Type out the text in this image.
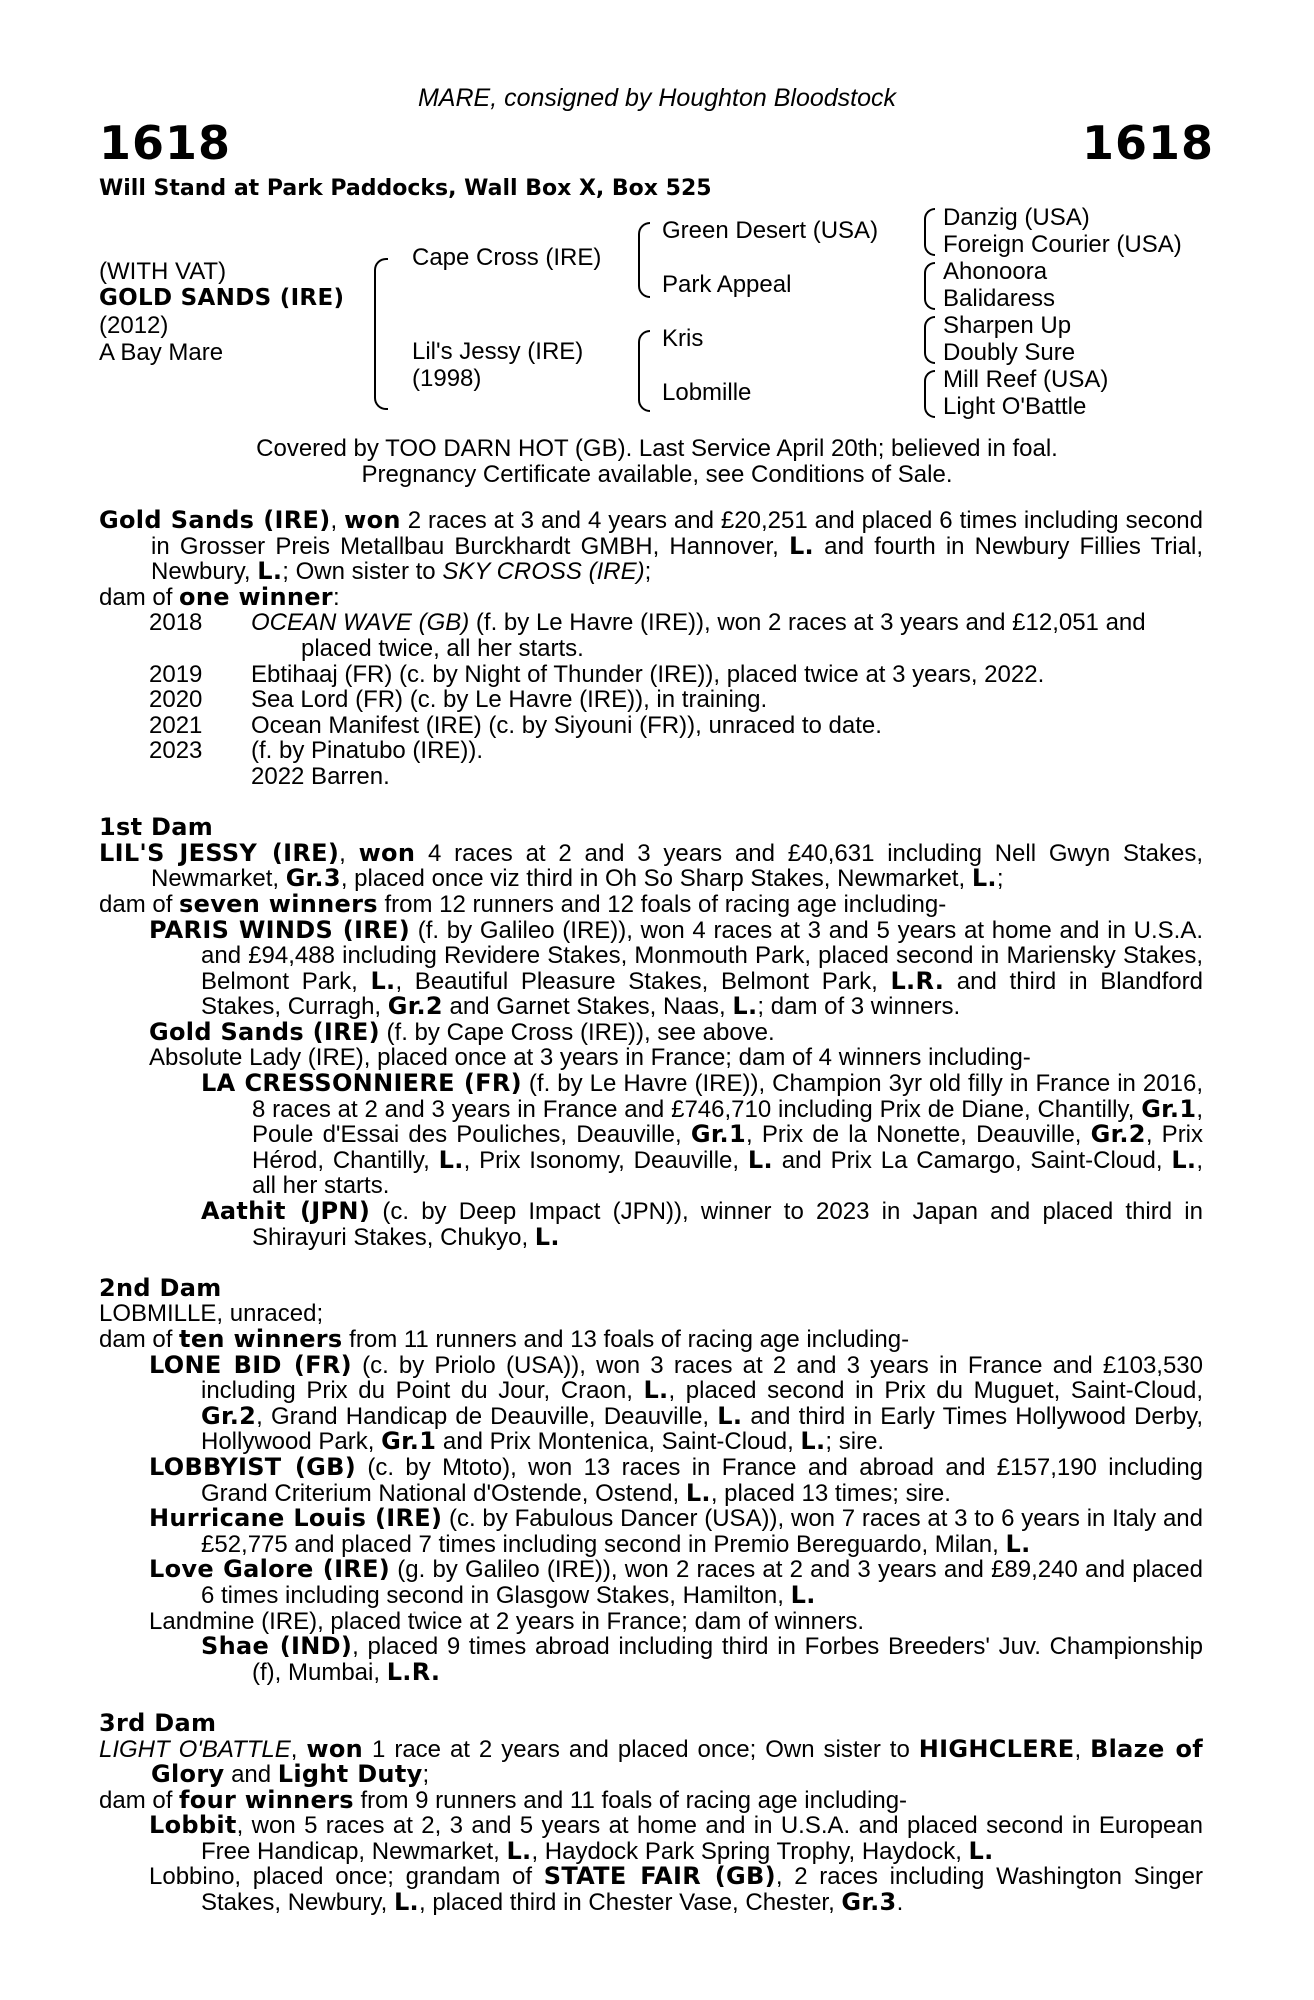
MARE, consigned by Houghton Bloodstock
1618	1618
Will Stand at Park Paddocks, Wall Box X, Box 525
(WITH VAT)
GOLD SANDS (IRE)
(2012)
A Bay Mare
Cape Cross (IRE)
Lil's Jessy (IRE)
(1998)
Green Desert (USA)
Park Appeal
Kris
Lobmille
Danzig (USA)
Foreign Courier (USA)
Ahonoora
Balidaress
Sharpen Up
Doubly Sure
Mill Reef (USA)
Light O'Battle
Covered by TOO DARN HOT (GB). Last Service April 20th; believed in foal.
Pregnancy Certificate available, see Conditions of Sale.

Gold Sands (IRE), won 2 races at 3 and 4 years and £20,251 and placed 6 times including second in Grosser Preis Metallbau Burckhardt GMBH, Hannover, L. and fourth in Newbury Fillies Trial, Newbury, L.; Own sister to SKY CROSS (IRE);

dam of one winner:

2018	OCEAN WAVE (GB) (f. by Le Havre (IRE)), won 2 races at 3 years and £12,051 and
placed twice, all her starts.
2019	Ebtihaaj (FR) (c. by Night of Thunder (IRE)), placed twice at 3 years, 2022.
2020	Sea Lord (FR) (c. by Le Havre (IRE)), in training.
2021	Ocean Manifest (IRE) (c. by Siyouni (FR)), unraced to date.
2023	(f. by Pinatubo (IRE)).
2022 Barren.

1st Dam

LIL'S JESSY (IRE), won 4 races at 2 and 3 years and £40,631 including Nell Gwyn Stakes, Newmarket, Gr.3, placed once viz third in Oh So Sharp Stakes, Newmarket, L.;

dam of seven winners from 12 runners and 12 foals of racing age including-

PARIS WINDS (IRE) (f. by Galileo (IRE)), won 4 races at 3 and 5 years at home and in U.S.A. and £94,488 including Revidere Stakes, Monmouth Park, placed second in Mariensky Stakes, Belmont Park, L., Beautiful Pleasure Stakes, Belmont Park, L.R. and third in Blandford Stakes, Curragh, Gr.2 and Garnet Stakes, Naas, L.; dam of 3 winners.

Gold Sands (IRE) (f. by Cape Cross (IRE)), see above.

Absolute Lady (IRE), placed once at 3 years in France; dam of 4 winners including-

LA CRESSONNIERE (FR) (f. by Le Havre (IRE)), Champion 3yr old filly in France in 2016, 8 races at 2 and 3 years in France and £746,710 including Prix de Diane, Chantilly, Gr.1, Poule d'Essai des Pouliches, Deauville, Gr.1, Prix de la Nonette, Deauville, Gr.2, Prix Hérod, Chantilly, L., Prix Isonomy, Deauville, L. and Prix La Camargo, Saint-Cloud, L., all her starts.

Aathit (JPN) (c. by Deep Impact (JPN)), winner to 2023 in Japan and placed third in Shirayuri Stakes, Chukyo, L.

2nd Dam

LOBMILLE, unraced;

dam of ten winners from 11 runners and 13 foals of racing age including-

LONE BID (FR) (c. by Priolo (USA)), won 3 races at 2 and 3 years in France and £103,530 including Prix du Point du Jour, Craon, L., placed second in Prix du Muguet, Saint-Cloud, Gr.2, Grand Handicap de Deauville, Deauville, L. and third in Early Times Hollywood Derby, Hollywood Park, Gr.1 and Prix Montenica, Saint-Cloud, L.; sire.

LOBBYIST (GB) (c. by Mtoto), won 13 races in France and abroad and £157,190 including Grand Criterium National d'Ostende, Ostend, L., placed 13 times; sire.

Hurricane Louis (IRE) (c. by Fabulous Dancer (USA)), won 7 races at 3 to 6 years in Italy and £52,775 and placed 7 times including second in Premio Bereguardo, Milan, L.

Love Galore (IRE) (g. by Galileo (IRE)), won 2 races at 2 and 3 years and £89,240 and placed 6 times including second in Glasgow Stakes, Hamilton, L.

Landmine (IRE), placed twice at 2 years in France; dam of winners.

Shae (IND), placed 9 times abroad including third in Forbes Breeders' Juv. Championship (f), Mumbai, L.R.

3rd Dam

LIGHT O'BATTLE, won 1 race at 2 years and placed once; Own sister to HIGHCLERE, Blaze of Glory and Light Duty;

dam of four winners from 9 runners and 11 foals of racing age including-

Lobbit, won 5 races at 2, 3 and 5 years at home and in U.S.A. and placed second in European Free Handicap, Newmarket, L., Haydock Park Spring Trophy, Haydock, L.

Lobbino, placed once; grandam of STATE FAIR (GB), 2 races including Washington Singer Stakes, Newbury, L., placed third in Chester Vase, Chester, Gr.3.
